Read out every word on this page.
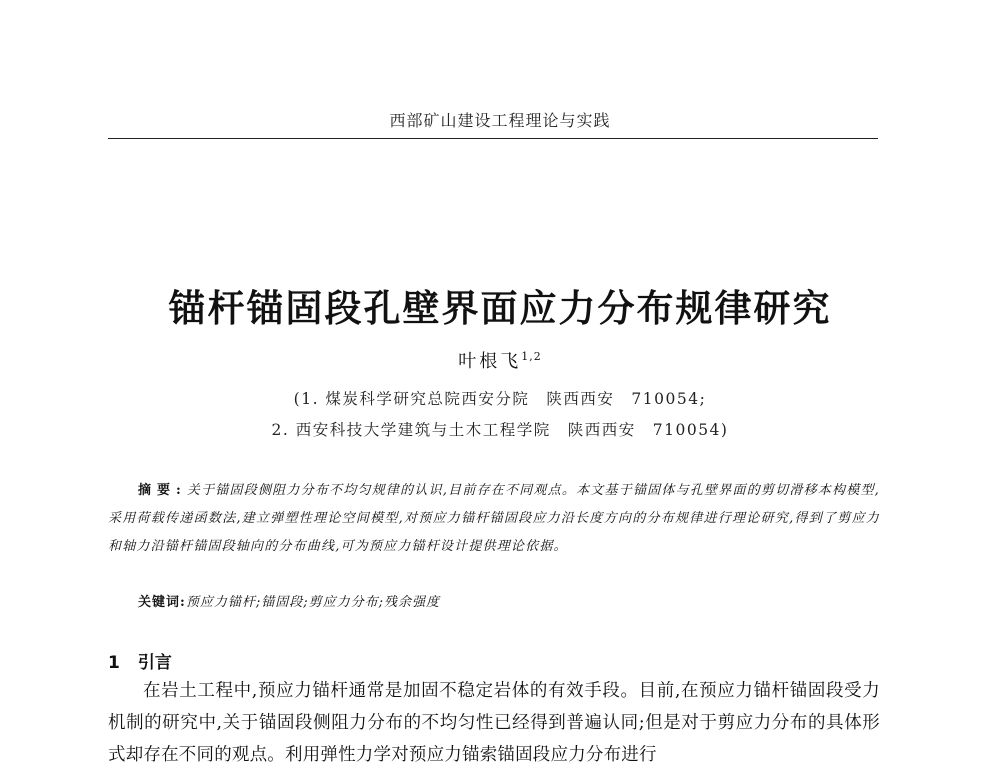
西部矿山建设工程理论与实践
锚杆锚固段孔壁界面应力分布规律研究
叶根飞$^{1,2}$
(1. 煤炭科学研究总院西安分院　陕西西安　710054;
2. 西安科技大学建筑与土木工程学院　陕西西安　710054)
摘要:关于锚固段侧阻力分布不均匀规律的认识,目前存在不同观点。本文基于锚固体与孔壁界面的剪切滑移本构模型,采用荷载传递函数法,建立弹塑性理论空间模型,对预应力锚杆锚固段应力沿长度方向的分布规律进行理论研究,得到了剪应力和轴力沿锚杆锚固段轴向的分布曲线,可为预应力锚杆设计提供理论依据。
关键词:预应力锚杆;锚固段;剪应力分布;残余强度
1 引言
在岩土工程中,预应力锚杆通常是加固不稳定岩体的有效手段。目前,在预应力锚杆锚固段受力机制的研究中,关于锚固段侧阻力分布的不均匀性已经得到普遍认同;但是对于剪应力分布的具体形式却存在不同的观点。利用弹性力学对预应力锚索锚固段应力分布进行
